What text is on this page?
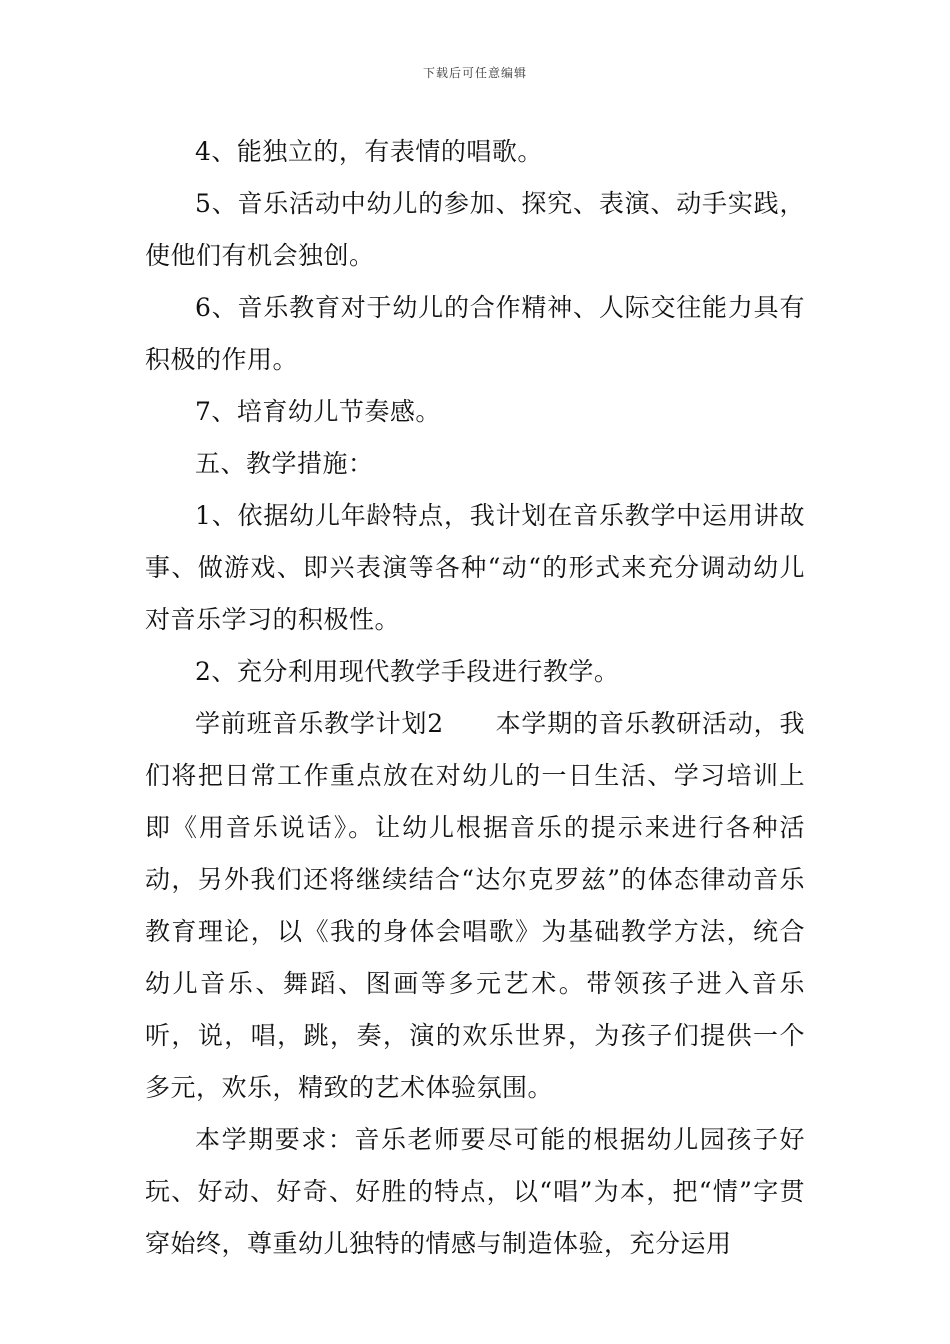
下载后可任意编辑

4、能独立的，有表情的唱歌。

5、音乐活动中幼儿的参加、探究、表演、动手实践，使他们有机会独创。

6、音乐教育对于幼儿的合作精神、人际交往能力具有积极的作用。

7、培育幼儿节奏感。

五、教学措施：

1、依据幼儿年龄特点，我计划在音乐教学中运用讲故事、做游戏、即兴表演等各种“动“的形式来充分调动幼儿对音乐学习的积极性。

2、充分利用现代教学手段进行教学。

学前班音乐教学计划2　　本学期的音乐教研活动，我们将把日常工作重点放在对幼儿的一日生活、学习培训上即《用音乐说话》。让幼儿根据音乐的提示来进行各种活动，另外我们还将继续结合“达尔克罗兹”的体态律动音乐教育理论，以《我的身体会唱歌》为基础教学方法，统合幼儿音乐、舞蹈、图画等多元艺术。带领孩子进入音乐听，说，唱，跳，奏，演的欢乐世界，为孩子们提供一个多元，欢乐，精致的艺术体验氛围。

本学期要求：音乐老师要尽可能的根据幼儿园孩子好玩、好动、好奇、好胜的特点，以“唱”为本，把“情”字贯穿始终，尊重幼儿独特的情感与制造体验，充分运用
